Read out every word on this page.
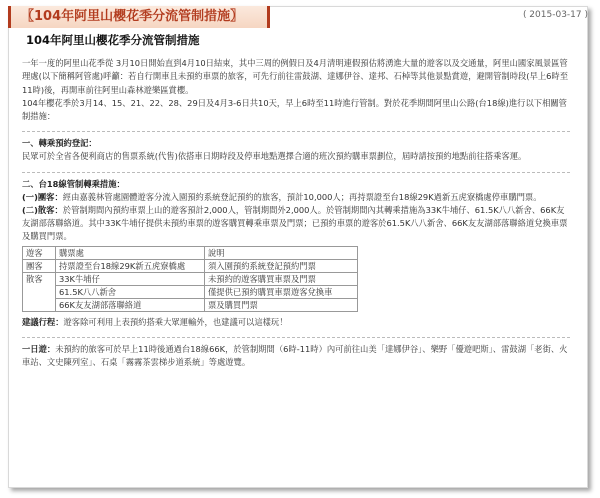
〖104年阿里山櫻花季分流管制措施〗	( 2015-03-17 )
104年阿里山櫻花季分流管制措施

一年一度的阿里山花季從 3月10日開始直到4月10日結束，其中三周的例假日及4月清明連假預估將湧進大量的遊客以及交通量，阿里山國家風景區管理處(以下簡稱阿管處)呼籲：若自行開車且未預約車票的旅客，可先行前往雷鼓湖、達娜伊谷、達邦、石棹等其他景點賞遊，避開管制時段(早上6時至11時)後，再開車前往阿里山森林遊樂區賞櫻。

104年櫻花季於3月14、15、21、22、28、29日及4月3-6日共10天，早上6時至11時進行管制。對於花季期間阿里山公路(台18線)進行以下相關管制措施：

一、轉乘預約登記：

民眾可於全省各便利商店的售票系統(代售)依搭車日期時段及停車地點選擇合適的班次預約購車票劃位，屆時請按預約地點前往搭乘客運。

二、台18線管制轉乘措施：

(一)團客：經由嘉義林管處園體遊客分流入園預約系統登記預約的旅客，預計10,000人；再持票證至台18線29K過新五虎寮橋處停車購門票。

(二)散客：於管制期間內預約車票上山的遊客預計2,000人，管制期間外2,000人。於管制期間內其轉乘措施為33K牛埔仔、61.5K八八新舍、66K友友湖部落聯絡道。其中33K牛埔仔提供未預約車票的遊客購買轉乘車票及門票；已預約車票的遊客於61.5K八八新舍、66K友友湖部落聯絡道兌換車票及購買門票。

遊客	購票處	說明
團客	持票證至台18線29K新五虎寮橋處	須入園預約系統登記預約門票
散客	33K牛埔仔	未預約的遊客購買車票及門票
	61.5K八八新舍	僅提供已預約購買車票遊客兌換車
	66K友友湖部落聯絡道	票及購買門票

建議行程：遊客除可利用上表預約搭乘大眾運輸外，也建議可以這樣玩！

一日遊：未預約的旅客可於早上11時後通過台18線66K，於管制期間（6時-11時）內可前往山美「達娜伊谷」、樂野「優遊吧斯」、雷鼓湖「老街、火車站、文史陳列室」、石桌「霧霧茶雲梯步道系統」等處遊覽。
